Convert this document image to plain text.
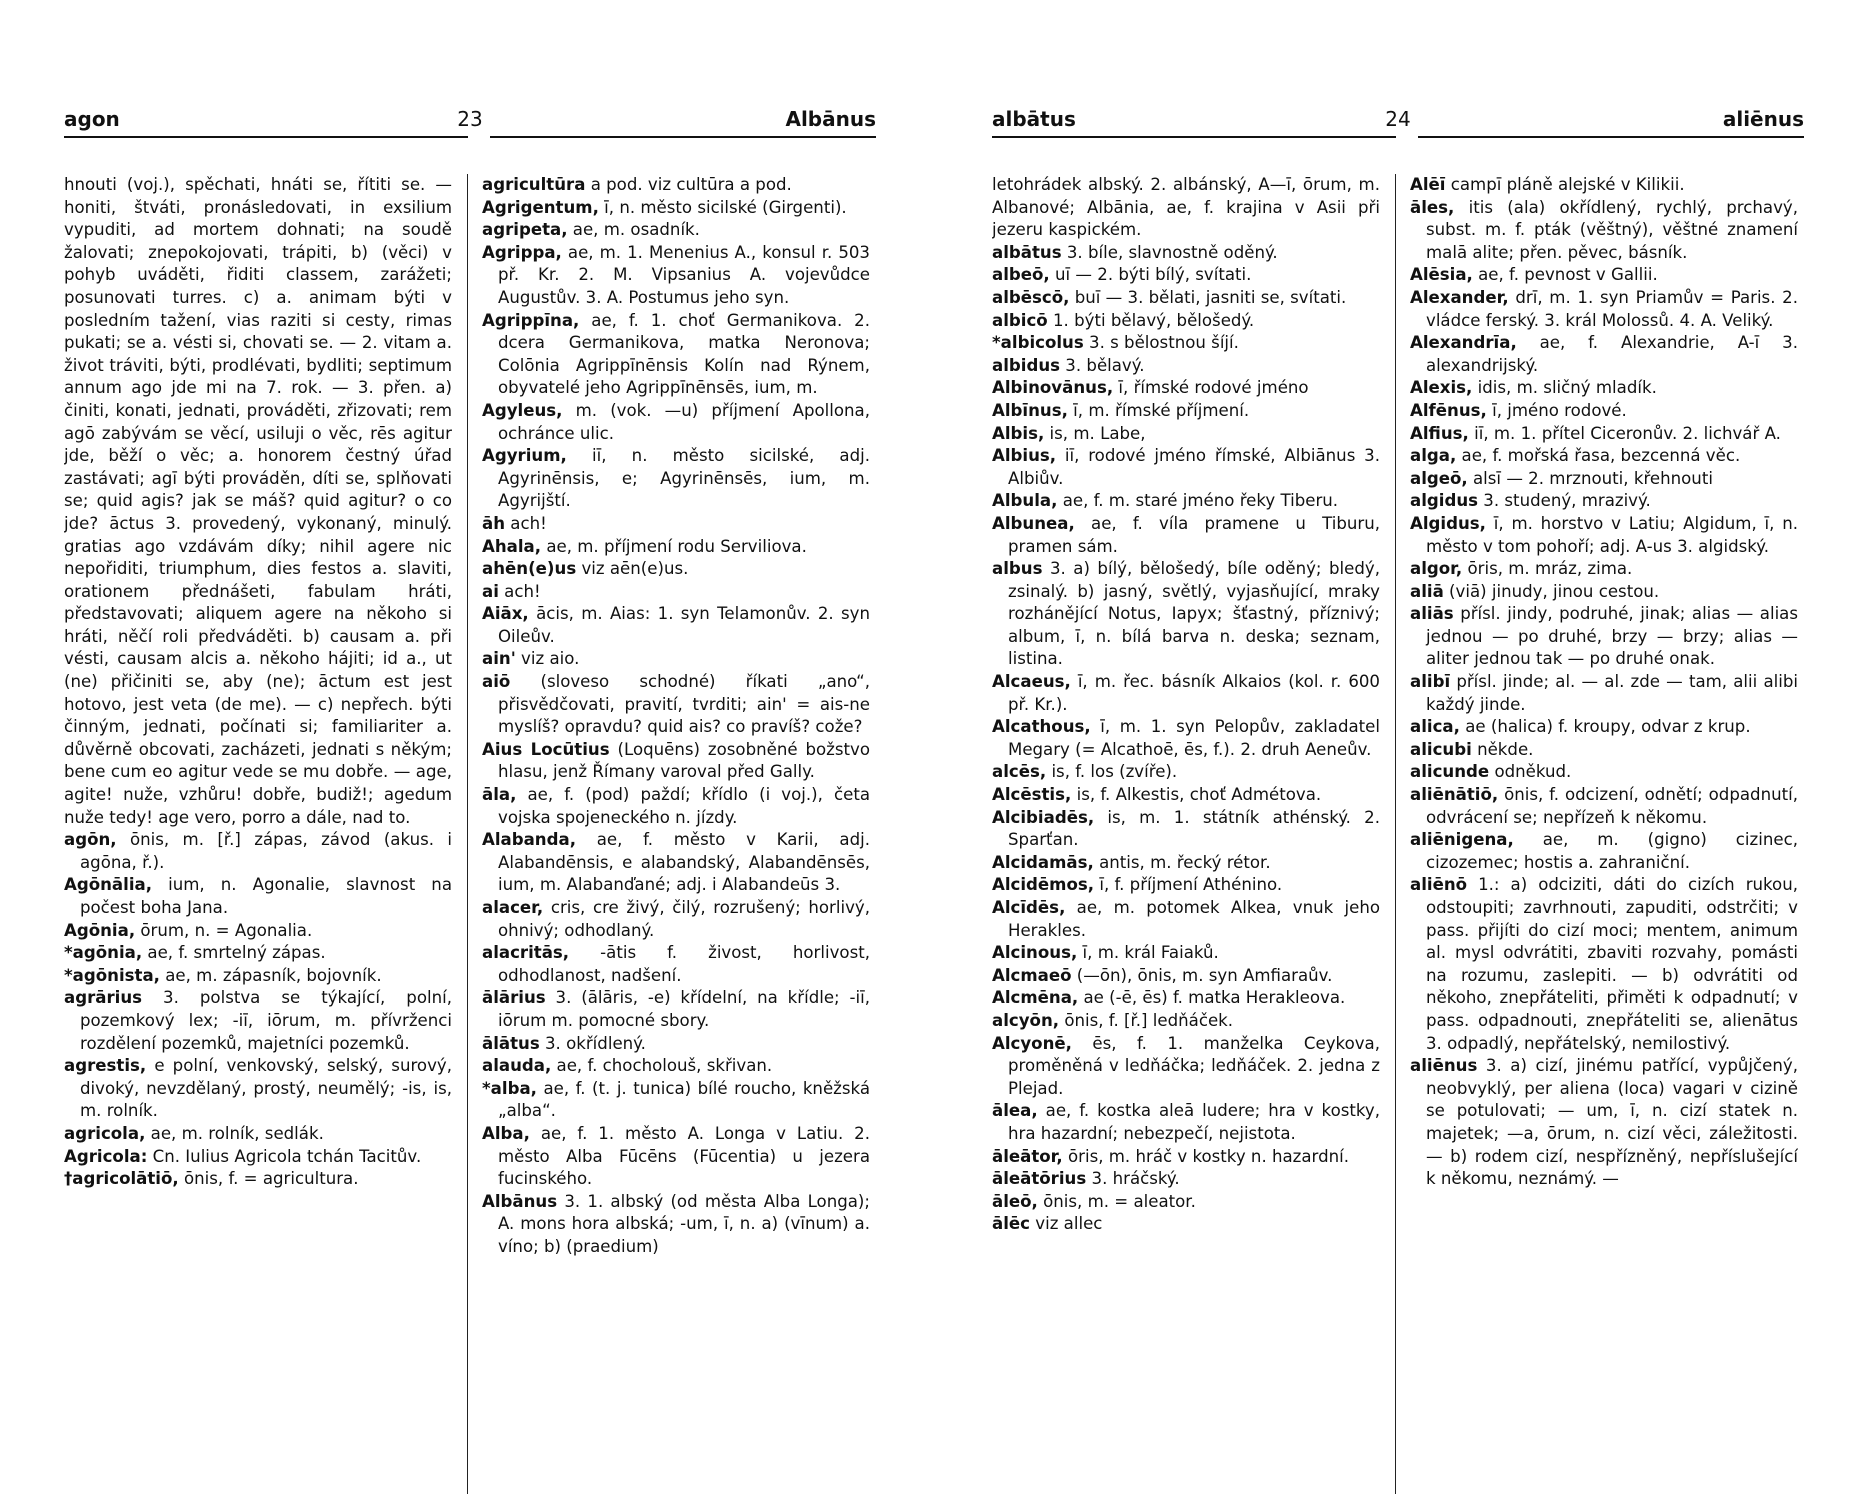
agon	23	Albānus

hnouti (voj.), spěchati, hnáti se, řítiti se. — honiti, štváti, pronásledovati, in exsilium vypuditi, ad mortem dohnati; na soudě žalovati; znepokojovati, trápiti, b) (věci) v pohyb uváděti, řiditi classem, zarážeti; posunovati turres. c) a. animam býti v posledním tažení, vias raziti si cesty, rimas pukati; se a. vésti si, chovati se. — 2. vitam a. život tráviti, býti, prodlévati, bydliti; septimum annum ago jde mi na 7. rok. — 3. přen. a) činiti, konati, jednati, prováděti, zřizovati; rem agō zabývám se věcí, usiluji o věc, rēs agitur jde, běží o věc; a. honorem čestný úřad zastávati; agī býti prováděn, díti se, splňovati se; quid agis? jak se máš? quid agitur? o co jde? āctus 3. provedený, vykonaný, minulý. gratias ago vzdávám díky; nihil agere nic nepořiditi, triumphum, dies festos a. slaviti, orationem přednášeti, fabulam hráti, představovati; aliquem agere na někoho si hráti, něčí roli předváděti. b) causam a. při vésti, causam alcis a. někoho hájiti; id a., ut (ne) přičiniti se, aby (ne); āctum est jest hotovo, jest veta (de me). — c) nepřech. býti činným, jednati, počínati si; familiariter a. důvěrně obcovati, zacházeti, jednati s někým; bene cum eo agitur vede se mu dobře. — age, agite! nuže, vzhůru! dobře, budiž!; agedum nuže tedy! age vero, porro a dále, nad to.

agōn, ōnis, m. [ř.] zápas, závod (akus. i agōna, ř.).

Agōnālia, ium, n. Agonalie, slavnost na počest boha Jana.

Agōnia, ōrum, n. = Agonalia.

*agōnia, ae, f. smrtelný zápas.

*agōnista, ae, m. zápasník, bojovník.

agrārius 3. polstva se týkající, polní, pozemkový lex; -iī, iōrum, m. přívrženci rozdělení pozemků, majetníci pozemků.

agrestis, e polní, venkovský, selský, surový, divoký, nevzdělaný, prostý, neumělý; -is, is, m. rolník.

agricola, ae, m. rolník, sedlák.

Agricola: Cn. Iulius Agricola tchán Tacitův.

†agricolātiō, ōnis, f. = agricultura.

agricultūra a pod. viz cultūra a pod.

Agrigentum, ī, n. město sicilské (Girgenti).

agripeta, ae, m. osadník.

Agrippa, ae, m. 1. Menenius A., konsul r. 503 př. Kr. 2. M. Vipsanius A. vojevůdce Augustův. 3. A. Postumus jeho syn.

Agrippīna, ae, f. 1. choť Germanikova. 2. dcera Germanikova, matka Neronova; Colōnia Agrippīnēnsis Kolín nad Rýnem, obyvatelé jeho Agrippīnēnsēs, ium, m.

Agyleus, m. (vok. —u) příjmení Apollona, ochránce ulic.

Agyrium, iī, n. město sicilské, adj. Agyrinēnsis, e; Agyrinēnsēs, ium, m. Agyrijští.

āh ach!

Ahala, ae, m. příjmení rodu Serviliova.

ahēn(e)us viz aēn(e)us.

ai ach!

Aiāx, ācis, m. Aias: 1. syn Telamonův. 2. syn Oileův.

ain' viz aio.

aiō (sloveso schodné) říkati „ano“, přisvědčovati, pravití, tvrditi; ain' = ais-ne myslíš? opravdu? quid ais? co pravíš? cože?

Aius Locūtius (Loquēns) zosobněné božstvo hlasu, jenž Římany varoval před Gally.

āla, ae, f. (pod) paždí; křídlo (i voj.), četa vojska spojeneckého n. jízdy.

Alabanda, ae, f. město v Karii, adj. Alabandēnsis, e alabandský, Alabandēnsēs, ium, m. Alabanďané; adj. i Alabandeūs 3.

alacer, cris, cre živý, čilý, rozrušený; horlivý, ohnivý; odhodlaný.

alacritās, -ātis f. živost, horlivost, odhodlanost, nadšení.

ālārius 3. (ālāris, -e) křídelní, na křídle; -iī, iōrum m. pomocné sbory.

ālātus 3. okřídlený.

alauda, ae, f. chocholouš, skřivan.

*alba, ae, f. (t. j. tunica) bílé roucho, kněžská „alba“.

Alba, ae, f. 1. město A. Longa v Latiu. 2. město Alba Fūcēns (Fūcentia) u jezera fucinského.

Albānus 3. 1. albský (od města Alba Longa); A. mons hora albská; -um, ī, n. a) (vīnum) a. víno; b) (praedium)

albātus	24	aliēnus

letohrádek albský. 2. albánský, A—ī, ōrum, m. Albanové; Albānia, ae, f. krajina v Asii při jezeru kaspickém.

albātus 3. bíle, slavnostně oděný.

albeō, uī — 2. býti bílý, svítati.

albēscō, buī — 3. bělati, jasniti se, svítati.

albicō 1. býti bělavý, bělošedý.

*albicolus 3. s bělostnou šíjí.

albidus 3. bělavý.

Albinovānus, ī, římské rodové jméno

Albīnus, ī, m. římské příjmení.

Albis, is, m. Labe,

Albius, iī, rodové jméno římské, Albiānus 3. Albiův.

Albula, ae, f. m. staré jméno řeky Tiberu.

Albunea, ae, f. víla pramene u Tiburu, pramen sám.

albus 3. a) bílý, bělošedý, bíle oděný; bledý, zsinalý. b) jasný, světlý, vyjasňující, mraky rozhánějící Notus, Iapyx; šťastný, příznivý; album, ī, n. bílá barva n. deska; seznam, listina.

Alcaeus, ī, m. řec. básník Alkaios (kol. r. 600 př. Kr.).

Alcathous, ī, m. 1. syn Pelopův, zakladatel Megary (= Alcathoē, ēs, f.). 2. druh Aeneův.

alcēs, is, f. los (zvíře).

Alcēstis, is, f. Alkestis, choť Admétova.

Alcibiadēs, is, m. 1. státník athénský. 2. Sparťan.

Alcidamās, antis, m. řecký rétor.

Alcidēmos, ī, f. příjmení Athénino.

Alcīdēs, ae, m. potomek Alkea, vnuk jeho Herakles.

Alcinous, ī, m. král Faiaků.

Alcmaeō (—ōn), ōnis, m. syn Amfiaraův.

Alcmēna, ae (-ē, ēs) f. matka Herakleova.

alcyōn, ōnis, f. [ř.] ledňáček.

Alcyonē, ēs, f. 1. manželka Ceykova, proměněná v ledňáčka; ledňáček. 2. jedna z Plejad.

ālea, ae, f. kostka aleā ludere; hra v kostky, hra hazardní; nebezpečí, nejistota.

āleātor, ōris, m. hráč v kostky n. hazardní.

āleātōrius 3. hráčský.

āleō, ōnis, m. = aleator.

ālēc viz allec

Alēī campī pláně alejské v Kilikii.

āles, itis (ala) okřídlený, rychlý, prchavý, subst. m. f. pták (věštný), věštné znamení malā alite; přen. pěvec, básník.

Alēsia, ae, f. pevnost v Gallii.

Alexander, drī, m. 1. syn Priamův = Paris. 2. vládce ferský. 3. král Molossů. 4. A. Veliký.

Alexandrīa, ae, f. Alexandrie, A-ī 3. alexandrijský.

Alexis, idis, m. sličný mladík.

Alfēnus, ī, jméno rodové.

Alfius, iī, m. 1. přítel Ciceronův. 2. lichvář A.

alga, ae, f. mořská řasa, bezcenná věc.

algeō, alsī — 2. mrznouti, křehnouti

algidus 3. studený, mrazivý.

Algidus, ī, m. horstvo v Latiu; Algidum, ī, n. město v tom pohoří; adj. A-us 3. algidský.

algor, ōris, m. mráz, zima.

aliā (viā) jinudy, jinou cestou.

aliās přísl. jindy, podruhé, jinak; alias — alias jednou — po druhé, brzy — brzy; alias — aliter jednou tak — po druhé onak.

alibī přísl. jinde; al. — al. zde — tam, alii alibi každý jinde.

alica, ae (halica) f. kroupy, odvar z krup.

alicubi někde.

alicunde odněkud.

aliēnātiō, ōnis, f. odcizení, odnětí; odpadnutí, odvrácení se; nepřízeň k někomu.

aliēnigena, ae, m. (gigno) cizinec, cizozemec; hostis a. zahraniční.

aliēnō 1.: a) odciziti, dáti do cizích rukou, odstoupiti; zavrhnouti, zapuditi, odstrčiti; v pass. přijíti do cizí moci; mentem, animum al. mysl odvrátiti, zbaviti rozvahy, pomásti na rozumu, zaslepiti. — b) odvrátiti od někoho, znepřáteliti, přiměti k odpadnutí; v pass. odpadnouti, znepřáteliti se, alienātus 3. odpadlý, nepřátelský, nemilostivý.

aliēnus 3. a) cizí, jinému patřící, vypůjčený, neobvyklý, per aliena (loca) vagari v cizině se potulovati; — um, ī, n. cizí statek n. majetek; —a, ōrum, n. cizí věci, záležitosti. — b) rodem cizí, nespřízněný, nepříslušející k někomu, neznámý. —
